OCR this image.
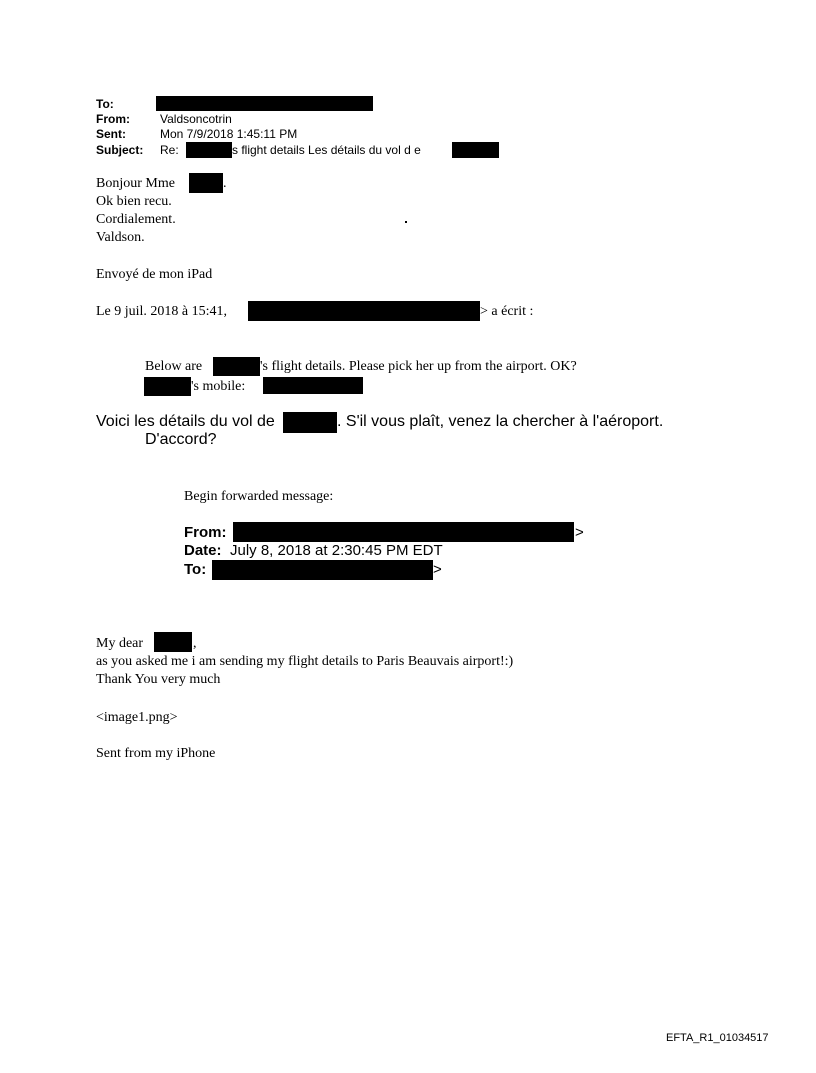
To:
From:	Valdsoncotrin
Sent:	Mon 7/9/2018 1:45:11 PM
Subject: Re:	s flight details Les détails du vol d e
Bonjour Mme	.
Ok bien recu.
Cordialement.
Valdson.
Envoyé de mon iPad
Le 9 juil. 2018 à 15:41,	> a écrit :
Below are	's flight details. Please pick her up from the airport. OK?
's mobile:
Voici les détails du vol de	. S'il vous plaît, venez la chercher à l'aéroport.
D'accord?
Begin forwarded message:
From:	>
Date: July 8, 2018 at 2:30:45 PM EDT
To:	>
My dear	,
as you asked me i am sending my flight details to Paris Beauvais airport!:)
Thank You very much
<image1.png>
Sent from my iPhone
EFTA_R1_01034517
